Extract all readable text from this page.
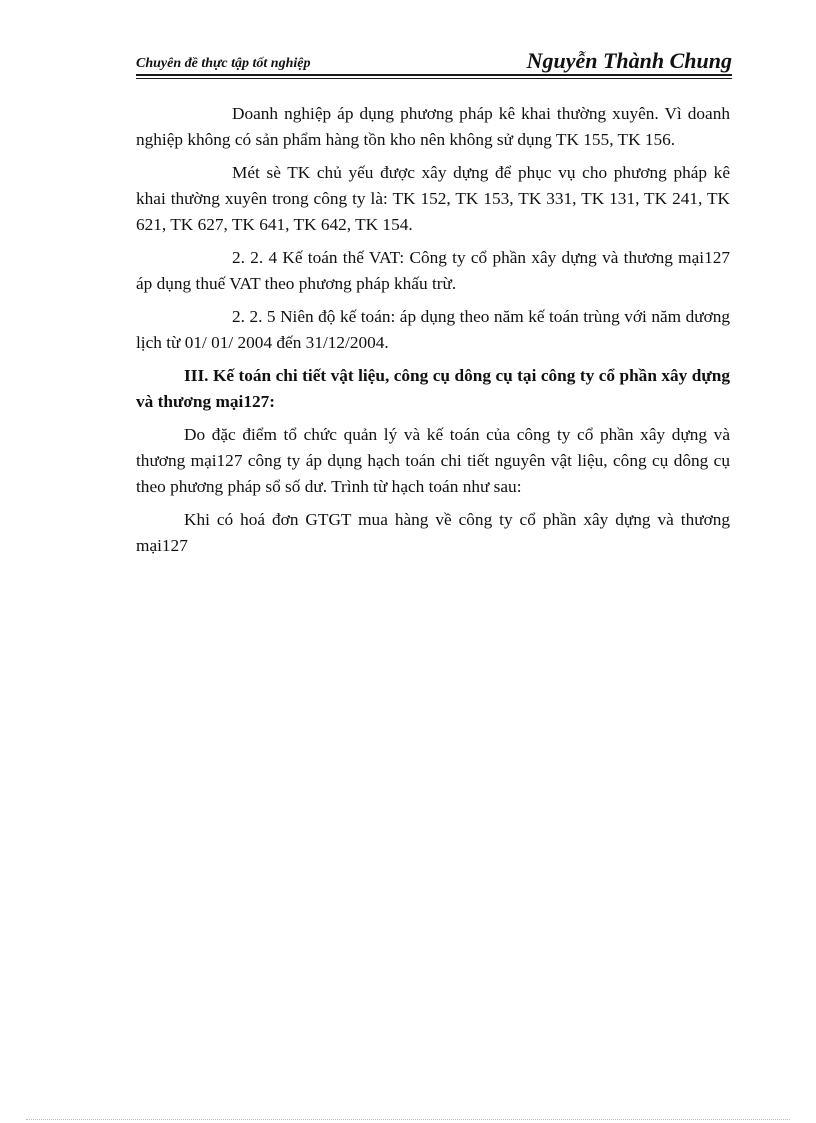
Chuyên đề thực tập tốt nghiệp	Nguyễn Thành Chung

Doanh nghiệp áp dụng phương pháp kê khai thường xuyên. Vì doanh nghiệp không có sản phẩm hàng tồn kho nên không sử dụng TK 155, TK 156.

Mét sè TK chủ yếu được xây dựng để phục vụ cho phương pháp kê khai thường xuyên trong công ty là: TK 152, TK 153, TK 331, TK 131, TK 241, TK 621, TK 627, TK 641, TK 642, TK 154.

2. 2. 4 Kế toán thế VAT: Công ty cổ phần xây dựng và thương mại127 áp dụng thuế VAT theo phương pháp khấu trừ.

2. 2. 5 Niên độ kế toán: áp dụng theo năm kế toán trùng với năm dương lịch từ 01/ 01/ 2004 đến 31/12/2004.

III. Kế toán chi tiết vật liệu, công cụ dông cụ tại công ty cổ phần xây dựng và thương mại127:

Do đặc điểm tổ chức quản lý và kế toán của công ty cổ phần xây dựng và thương mại127 công ty áp dụng hạch toán chi tiết nguyên vật liệu, công cụ dông cụ theo phương pháp sổ số dư. Trình từ hạch toán như sau:

Khi có hoá đơn GTGT mua hàng về công ty cổ phần xây dựng và thương mại127
